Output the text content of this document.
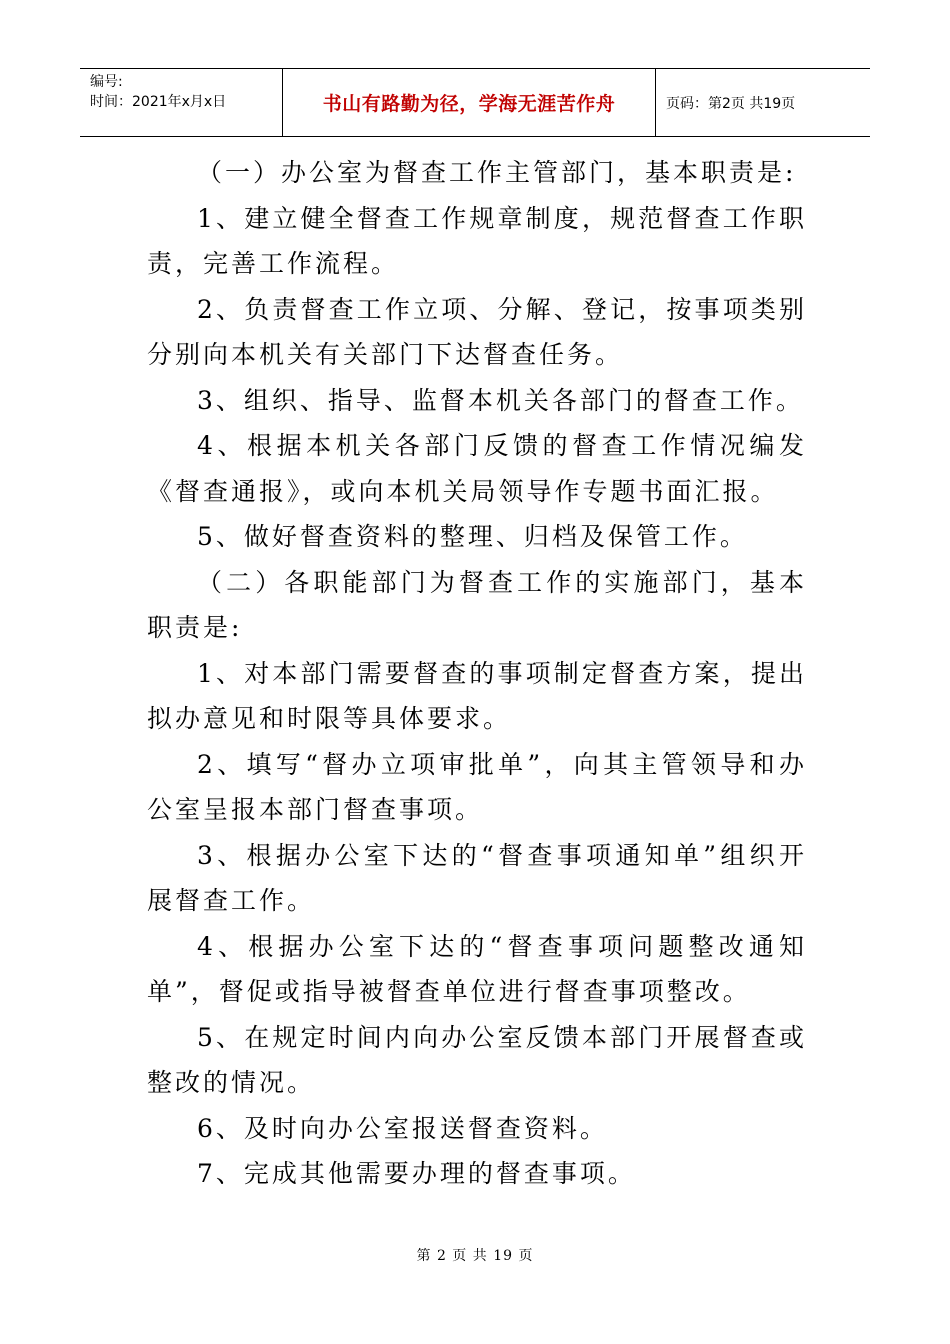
编号:
时间：2021年x月x日	书山有路勤为径，学海无涯苦作舟	页码：第2页 共19页

（一）办公室为督查工作主管部门，基本职责是:

1、建立健全督查工作规章制度，规范督查工作职责，完善工作流程。

2、负责督查工作立项、分解、登记，按事项类别分别向本机关有关部门下达督查任务。

3、组织、指导、监督本机关各部门的督查工作。

4、根据本机关各部门反馈的督查工作情况编发《督查通报》，或向本机关局领导作专题书面汇报。

5、做好督查资料的整理、归档及保管工作。

（二）各职能部门为督查工作的实施部门，基本职责是:

1、对本部门需要督查的事项制定督查方案，提出拟办意见和时限等具体要求。

2、填写“督办立项审批单”，向其主管领导和办公室呈报本部门督查事项。

3、根据办公室下达的“督查事项通知单”组织开展督查工作。

4、根据办公室下达的“督查事项问题整改通知单”，督促或指导被督查单位进行督查事项整改。

5、在规定时间内向办公室反馈本部门开展督查或整改的情况。

6、及时向办公室报送督查资料。

7、完成其他需要办理的督查事项。

第 2 页 共 19 页
